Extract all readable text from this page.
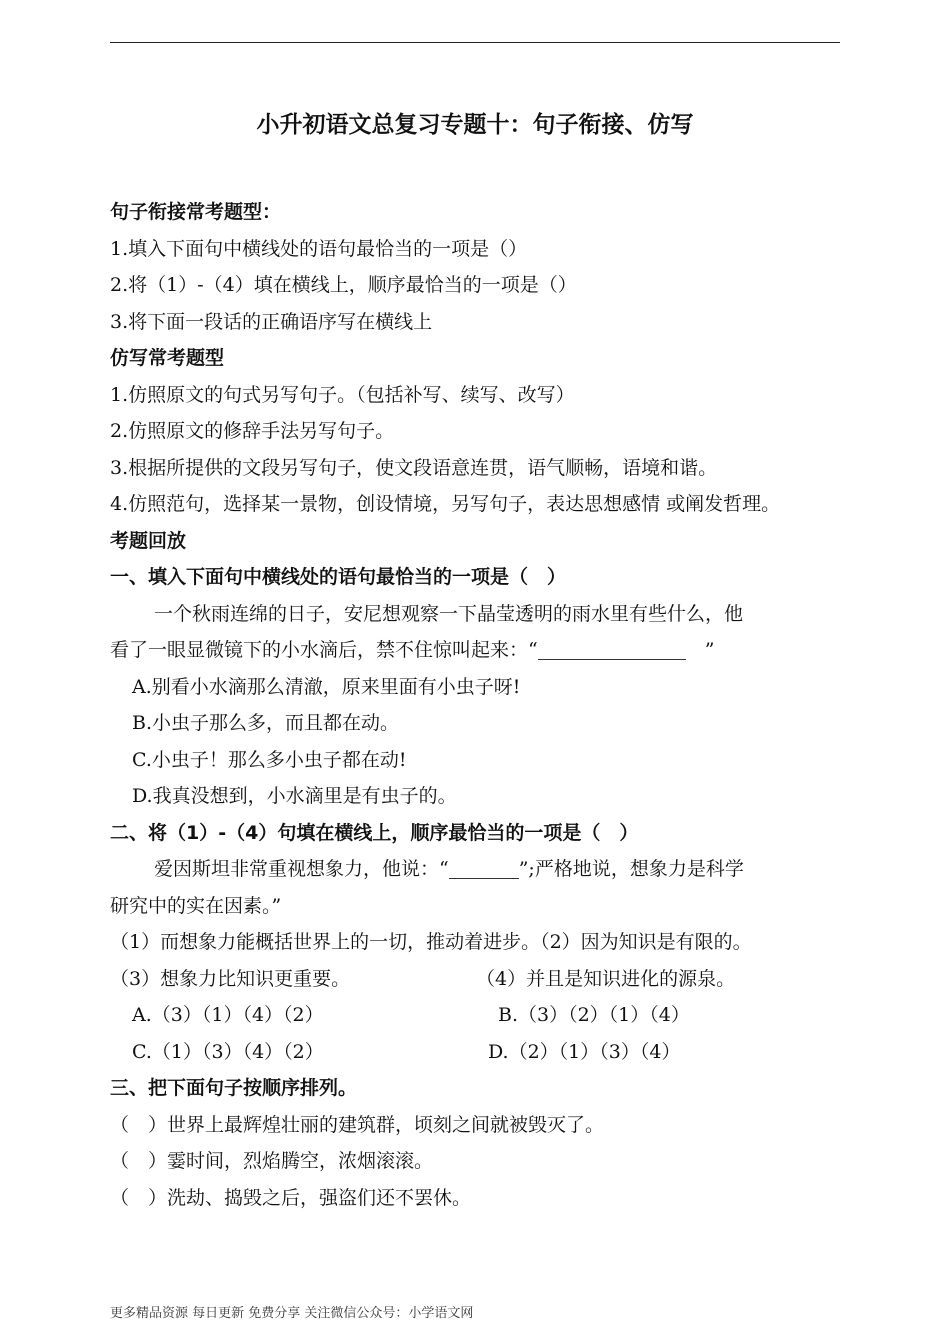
小升初语文总复习专题十：句子衔接、仿写
句子衔接常考题型：
1.填入下面句中横线处的语句最恰当的一项是（）
2.将（1）-（4）填在横线上，顺序最恰当的一项是（）
3.将下面一段话的正确语序写在横线上
仿写常考题型
1.仿照原文的句式另写句子。（包括补写、续写、改写）
2.仿照原文的修辞手法另写句子。
3.根据所提供的文段另写句子，使文段语意连贯，语气顺畅，语境和谐。
4.仿照范句，选择某一景物，创设情境，另写句子，表达思想感情 或阐发哲理。
考题回放
一、填入下面句中横线处的语句最恰当的一项是（　）
一个秋雨连绵的日子，安尼想观察一下晶莹透明的雨水里有些什么，他
看了一眼显微镜下的小水滴后，禁不住惊叫起来：“	　”
A.别看小水滴那么清澈，原来里面有小虫子呀!
B.小虫子那么多，而且都在动。
C.小虫子！那么多小虫子都在动!
D.我真没想到，小水滴里是有虫子的。
二、将（1）-（4）句填在横线上，顺序最恰当的一项是（　）
爱因斯坦非常重视想象力，他说：“	”;严格地说，想象力是科学
研究中的实在因素。”
（1）而想象力能概括世界上的一切，推动着进步。（2）因为知识是有限的。
（3）想象力比知识更重要。	（4）并且是知识进化的源泉。
A.（3）（1）（4）（2）	B.（3）（2）（1）（4）
C.（1）（3）（4）（2）	D.（2）（1）（3）（4）
三、把下面句子按顺序排列。
（　）世界上最辉煌壮丽的建筑群，顷刻之间就被毁灭了。
（　）霎时间，烈焰腾空，浓烟滚滚。
（　）洗劫、捣毁之后，强盗们还不罢休。
更多精品资源 每日更新 免费分享 关注微信公众号：小学语文网
